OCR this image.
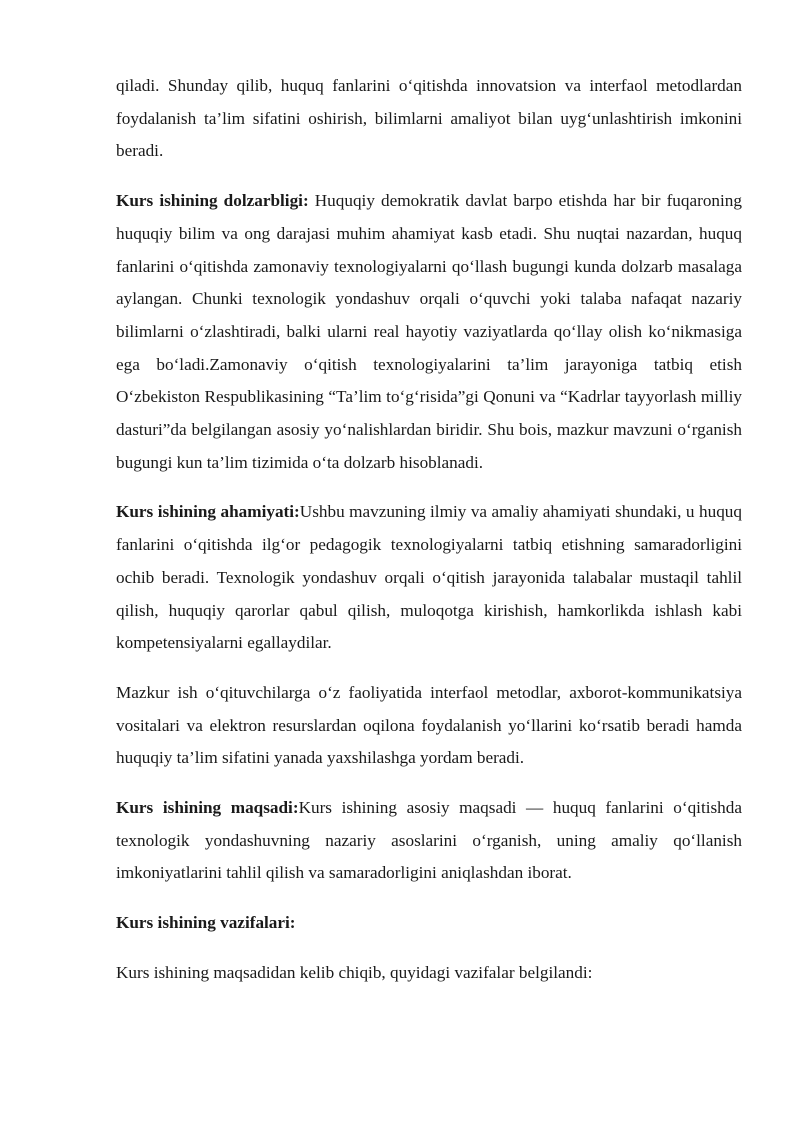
qiladi. Shunday qilib, huquq fanlarini oʻqitishda innovatsion va interfaol metodlardan foydalanish ta’lim sifatini oshirish, bilimlarni amaliyot bilan uygʻunlashtirish imkonini beradi.

Kurs ishining dolzarbligi: Huquqiy demokratik davlat barpo etishda har bir fuqaroning huquqiy bilim va ong darajasi muhim ahamiyat kasb etadi. Shu nuqtai nazardan, huquq fanlarini oʻqitishda zamonaviy texnologiyalarni qoʻllash bugungi kunda dolzarb masalaga aylangan. Chunki texnologik yondashuv orqali oʻquvchi yoki talaba nafaqat nazariy bilimlarni oʻzlashtiradi, balki ularni real hayotiy vaziyatlarda qoʻllay olish koʻnikmasiga ega boʻladi.Zamonaviy oʻqitish texnologiyalarini ta’lim jarayoniga tatbiq etish Oʻzbekiston Respublikasining “Ta’lim toʻgʻrisida”gi Qonuni va “Kadrlar tayyorlash milliy dasturi”da belgilangan asosiy yoʻnalishlardan biridir. Shu bois, mazkur mavzuni oʻrganish bugungi kun ta’lim tizimida oʻta dolzarb hisoblanadi.

Kurs ishining ahamiyati:Ushbu mavzuning ilmiy va amaliy ahamiyati shundaki, u huquq fanlarini oʻqitishda ilgʻor pedagogik texnologiyalarni tatbiq etishning samaradorligini ochib beradi. Texnologik yondashuv orqali oʻqitish jarayonida talabalar mustaqil tahlil qilish, huquqiy qarorlar qabul qilish, muloqotga kirishish, hamkorlikda ishlash kabi kompetensiyalarni egallaydilar.

Mazkur ish oʻqituvchilarga oʻz faoliyatida interfaol metodlar, axborot-kommunikatsiya vositalari va elektron resurslardan oqilona foydalanish yoʻllarini koʻrsatib beradi hamda huquqiy ta’lim sifatini yanada yaxshilashga yordam beradi.

Kurs ishining maqsadi:Kurs ishining asosiy maqsadi — huquq fanlarini oʻqitishda texnologik yondashuvning nazariy asoslarini oʻrganish, uning amaliy qoʻllanish imkoniyatlarini tahlil qilish va samaradorligini aniqlashdan iborat.

Kurs ishining vazifalari:

Kurs ishining maqsadidan kelib chiqib, quyidagi vazifalar belgilandi:
